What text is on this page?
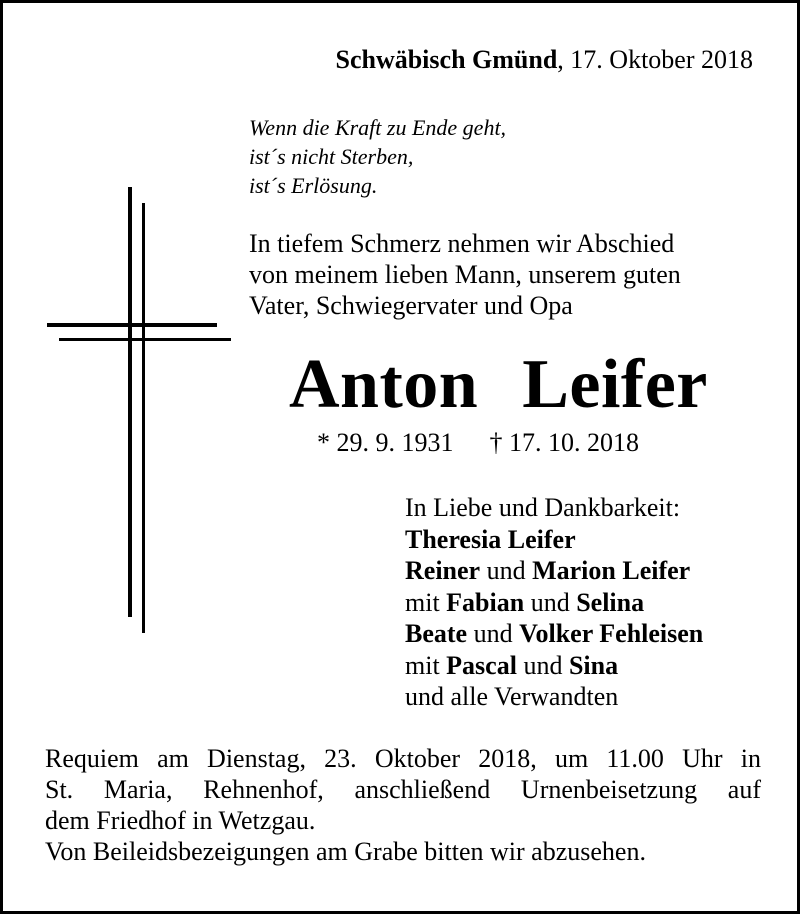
Schwäbisch Gmünd, 17. Oktober 2018
Wenn die Kraft zu Ende geht,
ist´s nicht Sterben,
ist´s Erlösung.
In tiefem Schmerz nehmen wir Abschied
von meinem lieben Mann, unserem guten
Vater, Schwiegervater und Opa
Anton Leifer
* 29. 9. 1931 † 17. 10. 2018
In Liebe und Dankbarkeit:
Theresia Leifer
Reiner und Marion Leifer
mit Fabian und Selina
Beate und Volker Fehleisen
mit Pascal und Sina
und alle Verwandten
Requiem am Dienstag, 23. Oktober 2018, um 11.00 Uhr in
St. Maria, Rehnenhof, anschließend Urnenbeisetzung auf
dem Friedhof in Wetzgau.
Von Beileidsbezeigungen am Grabe bitten wir abzusehen.
